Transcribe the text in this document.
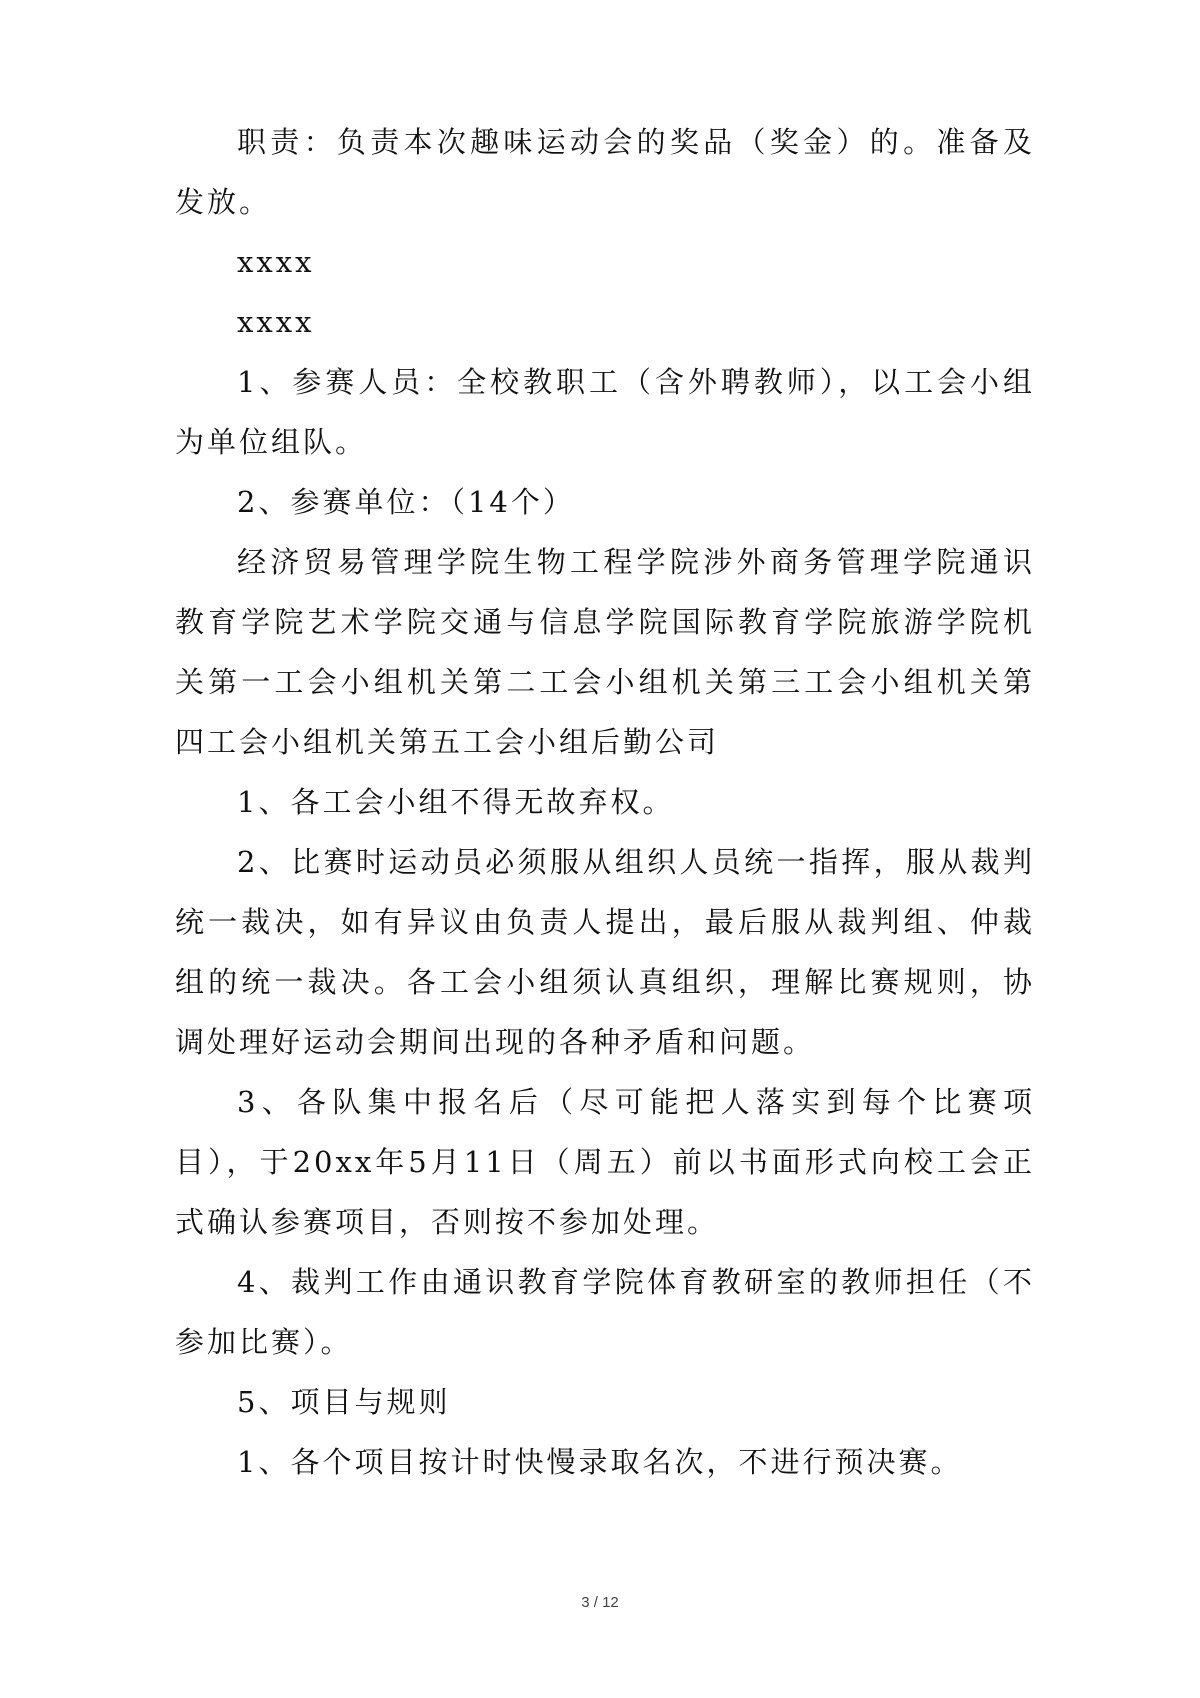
职责：负责本次趣味运动会的奖品（奖金）的。准备及发放。

xxxx

xxxx

1、参赛人员：全校教职工（含外聘教师），以工会小组为单位组队。

2、参赛单位：（14个）

经济贸易管理学院生物工程学院涉外商务管理学院通识教育学院艺术学院交通与信息学院国际教育学院旅游学院机关第一工会小组机关第二工会小组机关第三工会小组机关第四工会小组机关第五工会小组后勤公司

1、各工会小组不得无故弃权。

2、比赛时运动员必须服从组织人员统一指挥，服从裁判统一裁决，如有异议由负责人提出，最后服从裁判组、仲裁组的统一裁决。各工会小组须认真组织，理解比赛规则，协调处理好运动会期间出现的各种矛盾和问题。

3、各队集中报名后（尽可能把人落实到每个比赛项目），于20xx年5月11日（周五）前以书面形式向校工会正式确认参赛项目，否则按不参加处理。

4、裁判工作由通识教育学院体育教研室的教师担任（不参加比赛）。

5、项目与规则

1、各个项目按计时快慢录取名次，不进行预决赛。

3 / 12
